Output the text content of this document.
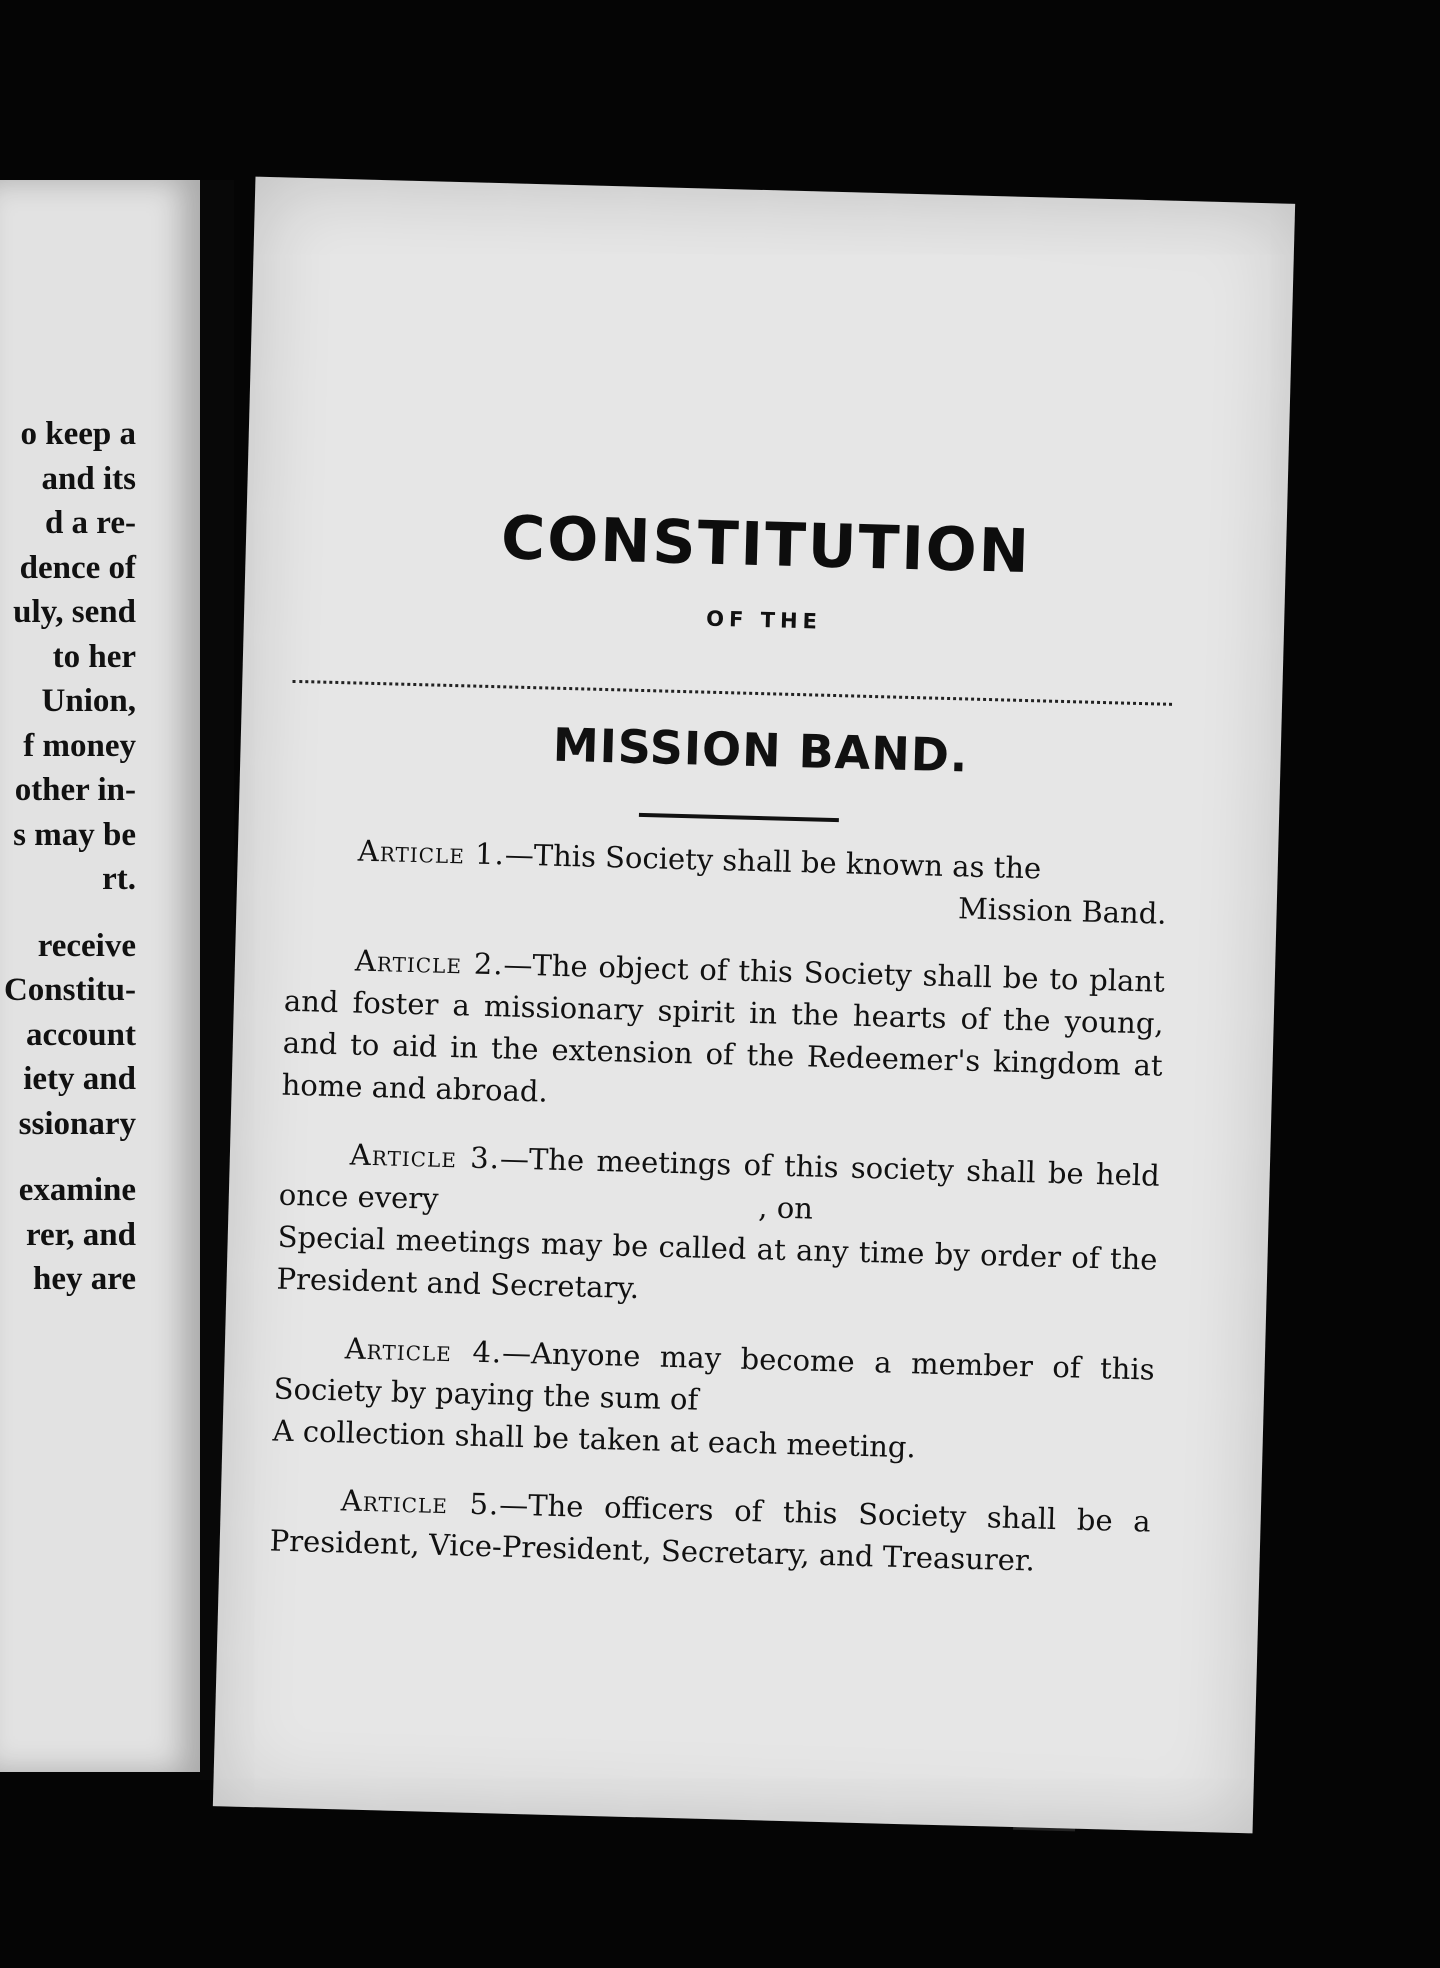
o keep a
and its
d a re-
dence of
uly, send
to her
Union,
f money
other in-
s may be
rt.
receive
Constitu-
account
iety and
ssionary
examine
rer, and
hey are
CONSTITUTION
OF THE
MISSION BAND.

Article 1.—This Society shall be known as the
Mission Band.

Article 2.—The object of this Society shall be to plant and foster a missionary spirit in the hearts of the young, and to aid in the extension of the Redeemer's kingdom at home and abroad.

Article 3.—The meetings of this society shall be held once every	, on
Special meetings may be called at any time by order of the President and Secretary.

Article 4.—Anyone may become a member of this Society by paying the sum of
A collection shall be taken at each meeting.

Article 5.—The officers of this Society shall be a President, Vice-President, Secretary, and Treasurer.
